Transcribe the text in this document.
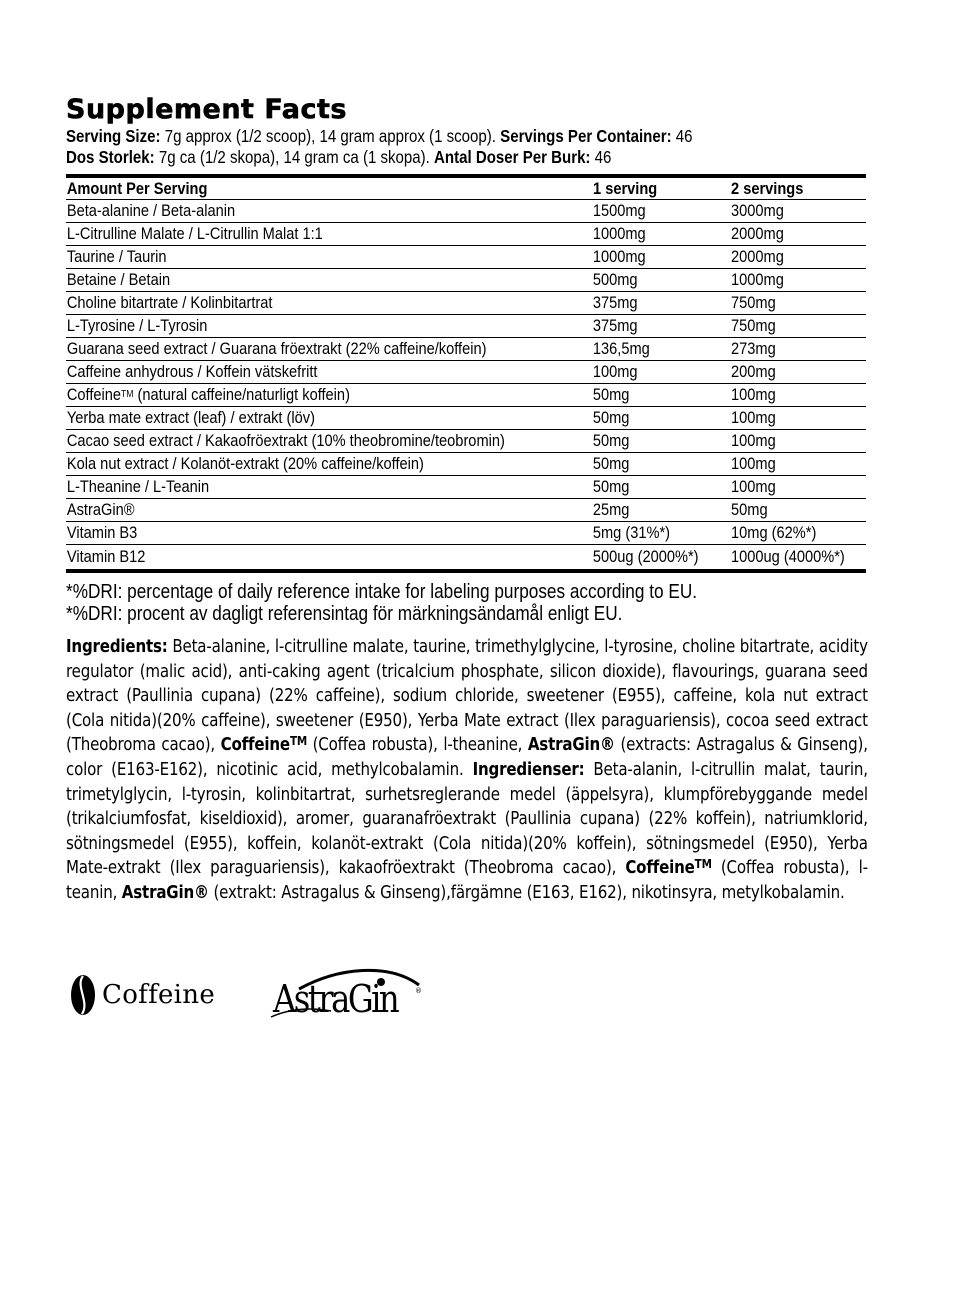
Supplement Facts
Serving Size: 7g approx (1/2 scoop), 14 gram approx (1 scoop). Servings Per Container: 46
Dos Storlek: 7g ca (1/2 skopa), 14 gram ca (1 skopa). Antal Doser Per Burk: 46
Amount Per Serving	1 serving	2 servings
Beta-alanine / Beta-alanin	1500mg	3000mg
L-Citrulline Malate / L-Citrullin Malat 1:1	1000mg	2000mg
Taurine / Taurin	1000mg	2000mg
Betaine / Betain	500mg	1000mg
Choline bitartrate / Kolinbitartrat	375mg	750mg
L-Tyrosine / L-Tyrosin	375mg	750mg
Guarana seed extract / Guarana fröextrakt (22% caffeine/koffein)	136,5mg	273mg
Caffeine anhydrous / Koffein vätskefritt	100mg	200mg
CoffeineTM (natural caffeine/naturligt koffein)	50mg	100mg
Yerba mate extract (leaf) / extrakt (löv)	50mg	100mg
Cacao seed extract / Kakaofröextrakt (10% theobromine/teobromin)	50mg	100mg
Kola nut extract / Kolanöt-extrakt (20% caffeine/koffein)	50mg	100mg
L-Theanine / L-Teanin	50mg	100mg
AstraGin®	25mg	50mg
Vitamin B3	5mg (31%*)	10mg (62%*)
Vitamin B12	500ug (2000%*)	1000ug (4000%*)
*%DRI: percentage of daily reference intake for labeling purposes according to EU.
*%DRI: procent av dagligt referensintag för märkningsändamål enligt EU.
Ingredients: Beta-alanine, l-citrulline malate, taurine, trimethylglycine, l-tyrosine, choline bitartrate, acidity regulator (malic acid), anti-caking agent (tricalcium phosphate, silicon dioxide), flavourings, guarana seed extract (Paullinia cupana) (22% caffeine), sodium chloride, sweetener (E955), caffeine, kola nut extract (Cola nitida)(20% caffeine), sweetener (E950), Yerba Mate extract (Ilex paraguariensis), cocoa seed extract (Theobroma cacao), Coffeine™ (Coffea robusta), l-theanine, AstraGin® (extracts: Astragalus & Ginseng), color (E163-E162), nicotinic acid, methylcobalamin. Ingredienser: Beta-alanin, l-citrullin malat, taurin, trimetylglycin, l-tyrosin, kolinbitartrat, surhetsreglerande medel (äppelsyra), klumpförebyggande medel (trikalciumfosfat, kiseldioxid), aromer, guaranafröextrakt (Paullinia cupana) (22% koffein), natriumklorid, sötningsmedel (E955), koffein, kolanöt-extrakt (Cola nitida)(20% koffein), sötningsmedel (E950), Yerba Mate-extrakt (Ilex paraguariensis), kakaofröextrakt (Theobroma cacao), Coffeine™ (Coffea robusta), l-teanin, AstraGin® (extrakt: Astragalus & Ginseng),färgämne (E163, E162), nikotinsyra, metylkobalamin.
Coffeine AstraGin	®
